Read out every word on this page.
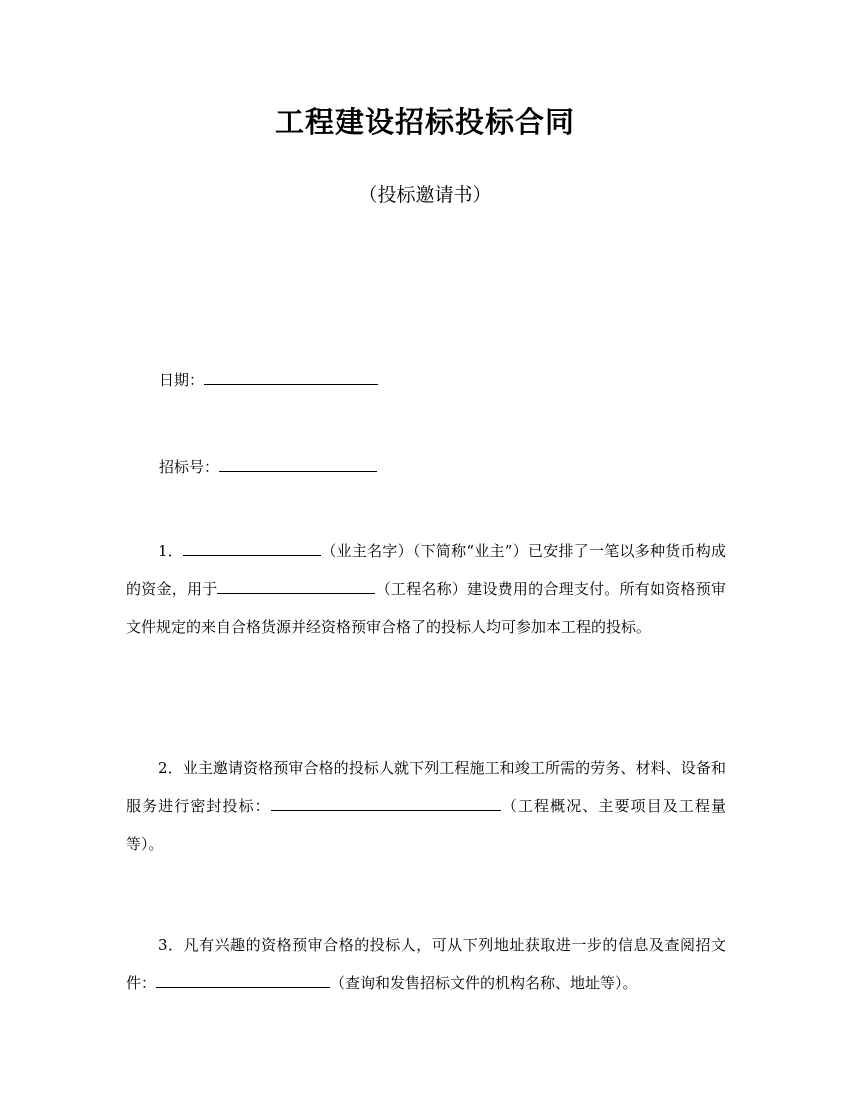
工程建设招标投标合同
（投标邀请书）
日期：
招标号：
1．	（业主名字）（下简称“业主”）已安排了一笔以多种货币构成的资金，用于	（工程名称）建设费用的合理支付。所有如资格预审文件规定的来自合格货源并经资格预审合格了的投标人均可参加本工程的投标。
2．业主邀请资格预审合格的投标人就下列工程施工和竣工所需的劳务、材料、设备和服务进行密封投标：	（工程概况、主要项目及工程量等）。
3．凡有兴趣的资格预审合格的投标人，可从下列地址获取进一步的信息及查阅招文件：	（查询和发售招标文件的机构名称、地址等）。
